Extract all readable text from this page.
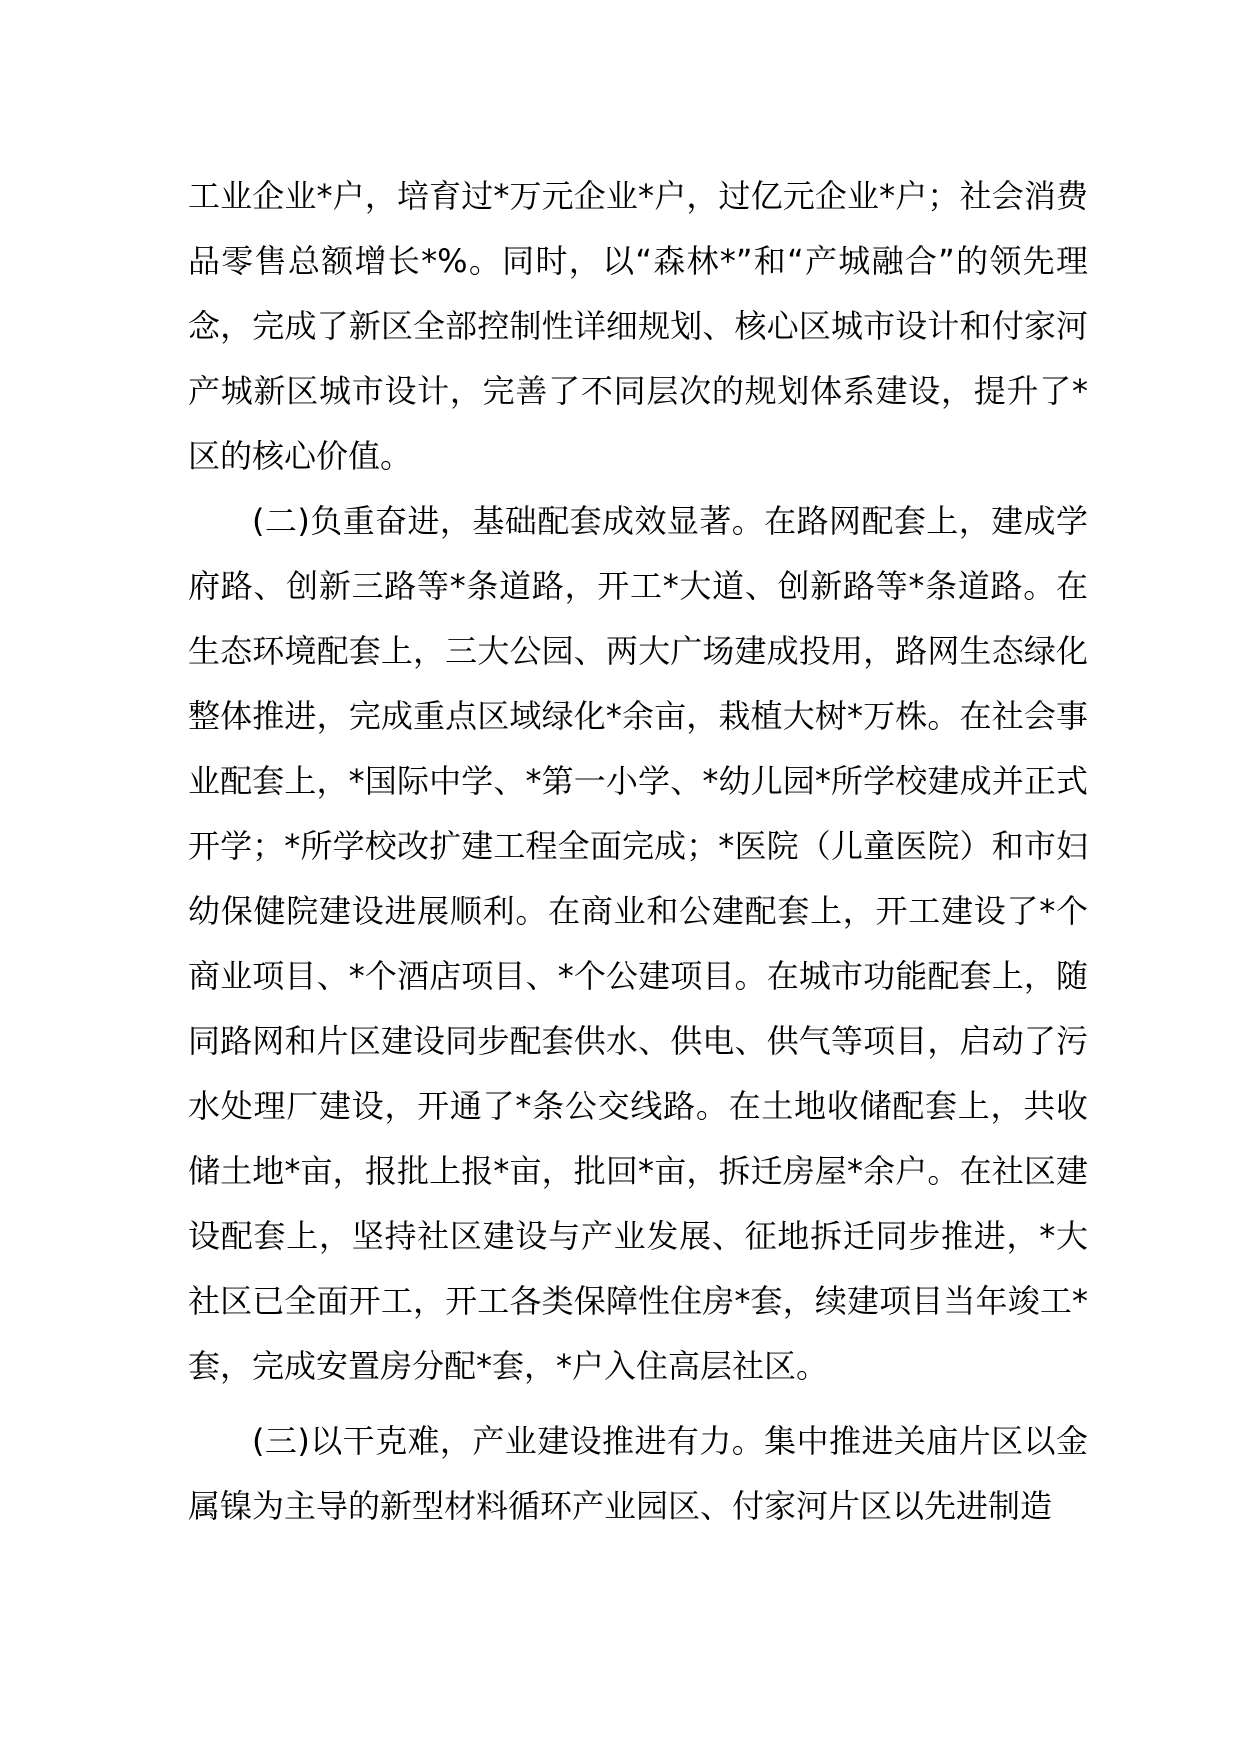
工业企业*户，培育过*万元企业*户，过亿元企业*户；社会消费品零售总额增长*%。同时，以“森林*”和“产城融合”的领先理念，完成了新区全部控制性详细规划、核心区城市设计和付家河产城新区城市设计，完善了不同层次的规划体系建设，提升了*区的核心价值。

(二)负重奋进，基础配套成效显著。在路网配套上，建成学府路、创新三路等*条道路，开工*大道、创新路等*条道路。在生态环境配套上，三大公园、两大广场建成投用，路网生态绿化整体推进，完成重点区域绿化*余亩，栽植大树*万株。在社会事业配套上，*国际中学、*第一小学、*幼儿园*所学校建成并正式开学；*所学校改扩建工程全面完成；*医院（儿童医院）和市妇幼保健院建设进展顺利。在商业和公建配套上，开工建设了*个商业项目、*个酒店项目、*个公建项目。在城市功能配套上，随同路网和片区建设同步配套供水、供电、供气等项目，启动了污水处理厂建设，开通了*条公交线路。在土地收储配套上，共收储土地*亩，报批上报*亩，批回*亩，拆迁房屋*余户。在社区建设配套上，坚持社区建设与产业发展、征地拆迁同步推进，*大社区已全面开工，开工各类保障性住房*套，续建项目当年竣工*套，完成安置房分配*套，*户入住高层社区。

(三)以干克难，产业建设推进有力。集中推进关庙片区以金属镍为主导的新型材料循环产业园区、付家河片区以先进制造
